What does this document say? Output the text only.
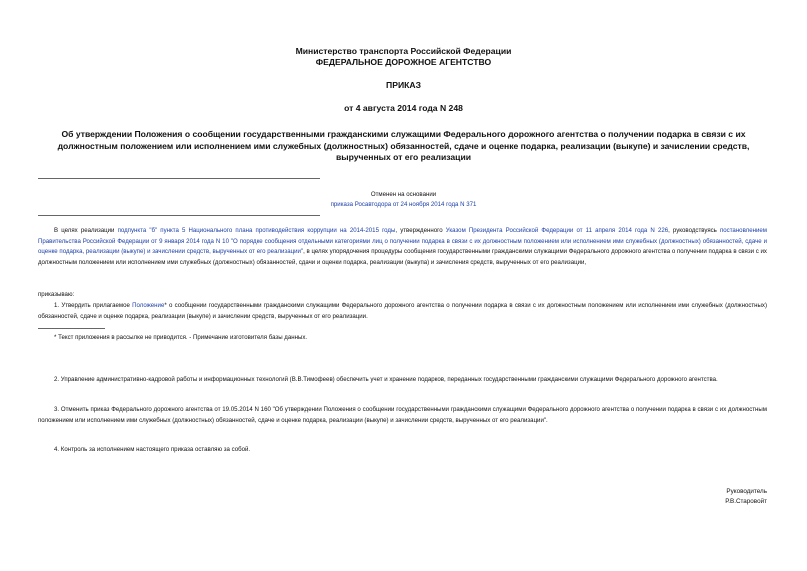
Министерство транспорта Российской Федерации
ФЕДЕРАЛЬНОЕ ДОРОЖНОЕ АГЕНТСТВО
ПРИКАЗ
от 4 августа 2014 года N 248
Об утверждении Положения о сообщении государственными гражданскими служащими Федерального дорожного агентства о получении подарка в связи с их должностным положением или исполнением ими служебных (должностных) обязанностей, сдаче и оценке подарка, реализации (выкупе) и зачислении средств, вырученных от его реализации
Отменен на основании
приказа Росавтодора от 24 ноября 2014 года N 371
В целях реализации подпункта "б" пункта 5 Национального плана противодействия коррупции на 2014-2015 годы, утвержденного Указом Президента Российской Федерации от 11 апреля 2014 года N 226, руководствуясь постановлением Правительства Российской Федерации от 9 января 2014 года N 10 "О порядке сообщения отдельными категориями лиц о получении подарка в связи с их должностным положением или исполнением ими служебных (должностных) обязанностей, сдаче и оценке подарка, реализации (выкупе) и зачислении средств, вырученных от его реализации", в целях упорядочения процедуры сообщения государственными гражданскими служащими Федерального дорожного агентства о получении подарка в связи с их должностным положением или исполнением ими служебных (должностных) обязанностей, сдачи и оценки подарка, реализации (выкупа) и зачисления средств, вырученных от его реализации,
приказываю:
1. Утвердить прилагаемое Положение* о сообщении государственными гражданскими служащими Федерального дорожного агентства о получении подарка в связи с их должностным положением или исполнением ими служебных (должностных) обязанностей, сдаче и оценке подарка, реализации (выкупе) и зачислении средств, вырученных от его реализации.
* Текст приложения в рассылке не приводится. - Примечание изготовителя базы данных.
2. Управление административно-кадровой работы и информационных технологий (В.В.Тимофеев) обеспечить учет и хранение подарков, переданных государственными гражданскими служащими Федерального дорожного агентства.
3. Отменить приказ Федерального дорожного агентства от 19.05.2014 N 160 "Об утверждении Положения о сообщении государственными гражданскими служащими Федерального дорожного агентства о получении подарка в связи с их должностным положением или исполнением ими служебных (должностных) обязанностей, сдаче и оценке подарка, реализации (выкупе) и зачислении средств, вырученных от его реализации".
4. Контроль за исполнением настоящего приказа оставляю за собой.
Руководитель
Р.В.Старовойт
